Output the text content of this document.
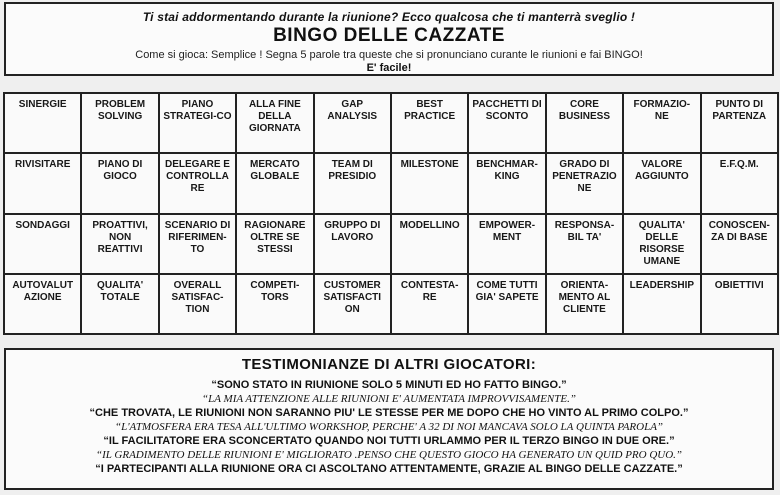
Ti stai addormentando durante la riunione? Ecco qualcosa che ti manterrà sveglio !
BINGO DELLE CAZZATE
Come si gioca: Semplice ! Segna 5 parole tra queste che si pronunciano curante le riunioni e fai BINGO!
E' facile!
SINERGIE	PROBLEM SOLVING	PIANO STRATEGI-CO	ALLA FINE DELLA GIORNATA	GAP ANALYSIS	BEST PRACTICE	PACCHETTI DI SCONTO	CORE BUSINESS	FORMAZIO-NE	PUNTO DI PARTENZA

RIVISITARE	PIANO DI GIOCO	DELEGARE E CONTROLLA RE	MERCATO GLOBALE	TEAM DI PRESIDIO	MILESTONE	BENCHMAR-KING	GRADO DI PENETRAZIO NE	VALORE AGGIUNTO	E.F.Q.M.

SONDAGGI	PROATTIVI, NON REATTIVI	SCENARIO DI RIFERIMEN-TO	RAGIONARE OLTRE SE STESSI	GRUPPO DI LAVORO	MODELLINO	EMPOWER-MENT	RESPONSA-BIL TA'	QUALITA' DELLE RISORSE UMANE	CONOSCEN-ZA DI BASE

AUTOVALUT AZIONE	QUALITA' TOTALE	OVERALL SATISFAC-TION	COMPETI-TORS	CUSTOMER SATISFACTI ON	CONTESTA-RE	COME TUTTI GIA' SAPETE	ORIENTA-MENTO AL CLIENTE	LEADERSHIP	OBIETTIVI
TESTIMONIANZE DI ALTRI GIOCATORI:
“SONO STATO IN RIUNIONE SOLO 5 MINUTI ED HO FATTO BINGO.”
“LA MIA ATTENZIONE ALLE RIUNIONI E' AUMENTATA IMPROVVISAMENTE.”
“CHE TROVATA, LE RIUNIONI NON SARANNO PIU' LE STESSE PER ME DOPO CHE HO VINTO AL PRIMO COLPO.”
“L'ATMOSFERA ERA TESA ALL'ULTIMO WORKSHOP, PERCHE' A 32 DI NOI MANCAVA SOLO LA QUINTA PAROLA”
“IL FACILITATORE ERA SCONCERTATO QUANDO NOI TUTTI URLAMMO PER IL TERZO BINGO IN DUE ORE.”
“IL GRADIMENTO DELLE RIUNIONI E' MIGLIORATO .PENSO CHE QUESTO GIOCO HA GENERATO UN QUID PRO QUO.”
“I PARTECIPANTI ALLA RIUNIONE ORA CI ASCOLTANO ATTENTAMENTE, GRAZIE AL BINGO DELLE CAZZATE.”
